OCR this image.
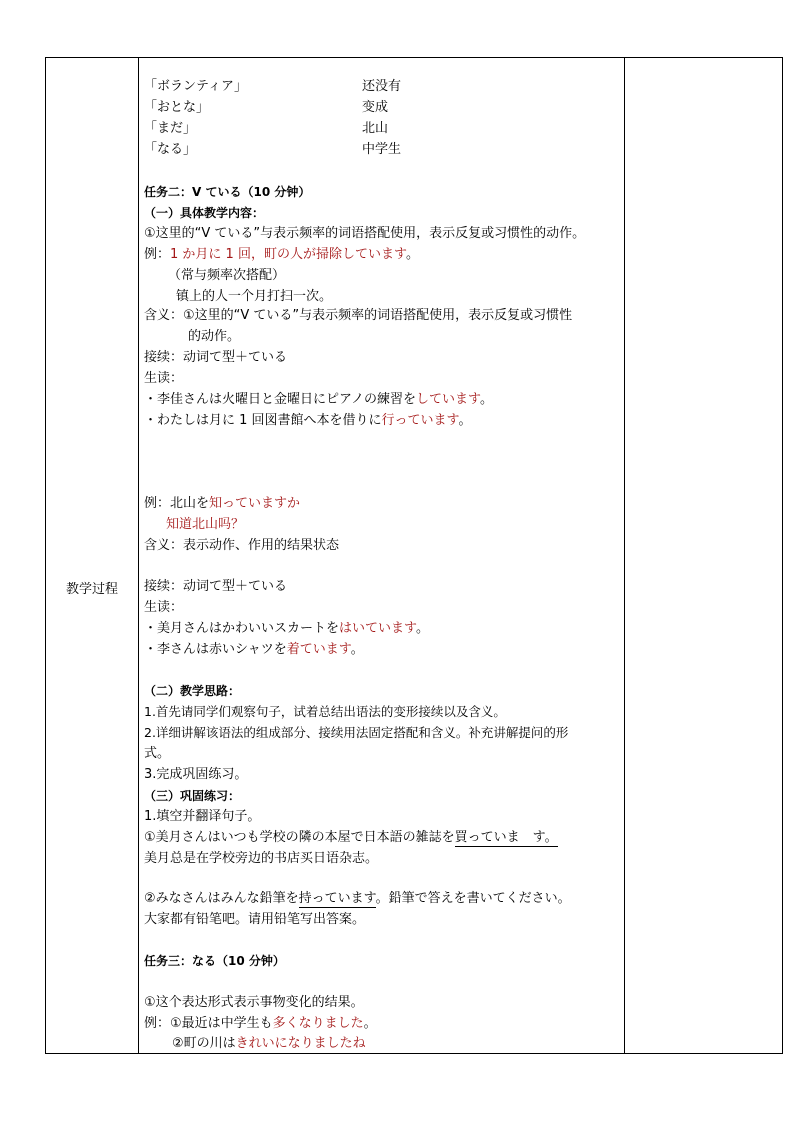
教学过程
「ボランティア」
「おとな」
「まだ」
「なる」
还没有
变成
北山
中学生
任务二：V ている（10 分钟）
（一）具体教学内容：
①这里的“V ている”与表示频率的词语搭配使用，表示反复或习惯性的动作。
例：1 か月に 1 回，町の人が掃除しています。
（常与频率次搭配）
镇上的人一个月打扫一次。
含义：①这里的“V ている”与表示频率的词语搭配使用，表示反复或习惯性
的动作。
接续：动词て型＋ている
生读：
・李佳さんは火曜日と金曜日にピアノの練習をしています。
・わたしは月に 1 回図書館へ本を借りに行っています。
例：北山を知っていますか
知道北山吗？
含义：表示动作、作用的结果状态
接续：动词て型＋ている
生读：
・美月さんはかわいいスカートをはいています。
・李さんは赤いシャツを着ています。
（二）教学思路：
1.首先请同学们观察句子，试着总结出语法的变形接续以及含义。
2.详细讲解该语法的组成部分、接续用法固定搭配和含义。补充讲解提问的形
式。
3.完成巩固练习。
（三）巩固练习：
1.填空并翻译句子。
①美月さんはいつも学校の隣の本屋で日本語の雑誌を買っていま　す。
美月总是在学校旁边的书店买日语杂志。
②みなさんはみんな鉛筆を持っています。鉛筆で答えを書いてください。
大家都有铅笔吧。请用铅笔写出答案。
任务三：なる（10 分钟）
①这个表达形式表示事物变化的结果。
例：①最近は中学生も多くなりました。
②町の川はきれいになりましたね
